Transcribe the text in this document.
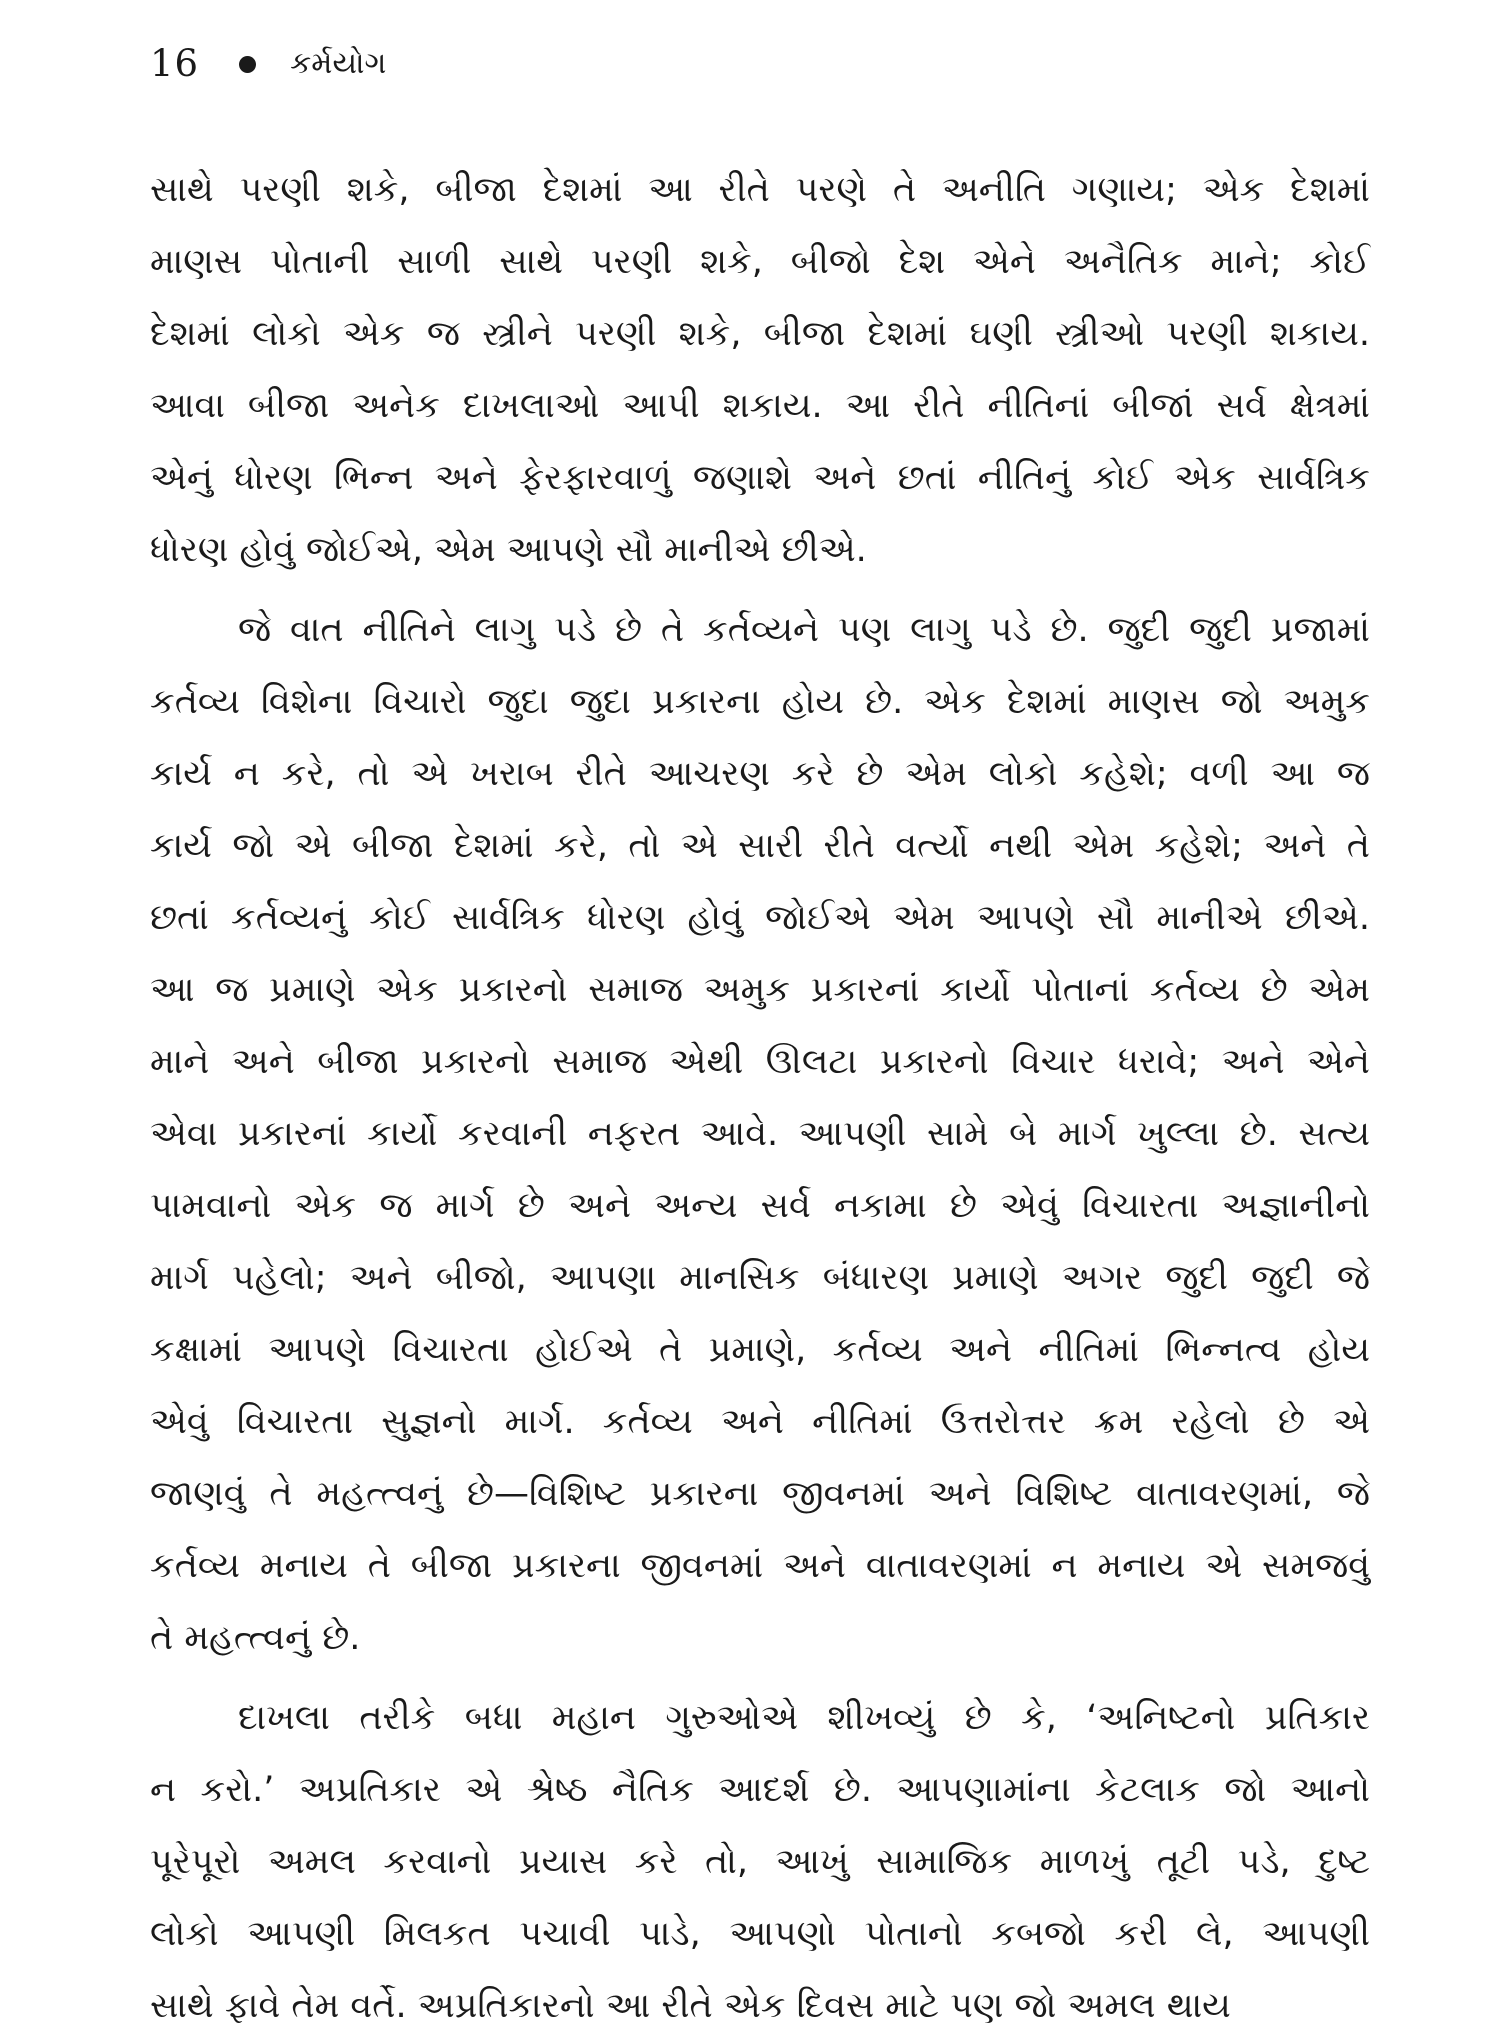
16	કર્મયોગ

સાથે પરણી શકે, બીજા દેશમાં આ રીતે પરણે તે અનીતિ ગણાય; એક દેશમાં
માણસ પોતાની સાળી સાથે પરણી શકે, બીજો દેશ એને અનૈતિક માને; કોઈ
દેશમાં લોકો એક જ સ્ત્રીને પરણી શકે, બીજા દેશમાં ઘણી સ્ત્રીઓ પરણી શકાય.
આવા બીજા અનેક દાખલાઓ આપી શકાય. આ રીતે નીતિનાં બીજાં સર્વ ક્ષેત્રમાં
એનું ધોરણ ભિન્ન અને ફેરફારવાળું જણાશે અને છતાં નીતિનું કોઈ એક સાર્વત્રિક
ધોરણ હોવું જોઈએ, એમ આપણે સૌ માનીએ છીએ.

જે વાત નીતિને લાગુ પડે છે તે કર્તવ્યને પણ લાગુ પડે છે. જુદી જુદી પ્રજામાં
કર્તવ્ય વિશેના વિચારો જુદા જુદા પ્રકારના હોય છે. એક દેશમાં માણસ જો અમુક
કાર્ય ન કરે, તો એ ખરાબ રીતે આચરણ કરે છે એમ લોકો કહેશે; વળી આ જ
કાર્ય જો એ બીજા દેશમાં કરે, તો એ સારી રીતે વર્ત્યો નથી એમ કહેશે; અને તે
છતાં કર્તવ્યનું કોઈ સાર્વત્રિક ધોરણ હોવું જોઈએ એમ આપણે સૌ માનીએ છીએ.
આ જ પ્રમાણે એક પ્રકારનો સમાજ અમુક પ્રકારનાં કાર્યો પોતાનાં કર્તવ્ય છે એમ
માને અને બીજા પ્રકારનો સમાજ એથી ઊલટા પ્રકારનો વિચાર ધરાવે; અને એને
એવા પ્રકારનાં કાર્યો કરવાની નફરત આવે. આપણી સામે બે માર્ગ ખુલ્લા છે. સત્ય
પામવાનો એક જ માર્ગ છે અને અન્ય સર્વ નકામા છે એવું વિચારતા અજ્ઞાનીનો
માર્ગ પહેલો; અને બીજો, આપણા માનસિક બંધારણ પ્રમાણે અગર જુદી જુદી જે
કક્ષામાં આપણે વિચારતા હોઈએ તે પ્રમાણે, કર્તવ્ય અને નીતિમાં ભિન્નત્વ હોય
એવું વિચારતા સુજ્ઞનો માર્ગ. કર્તવ્ય અને નીતિમાં ઉત્તરોત્તર ક્રમ રહેલો છે એ
જાણવું તે મહત્ત્વનું છે—વિશિષ્ટ પ્રકારના જીવનમાં અને વિશિષ્ટ વાતાવરણમાં, જે
કર્તવ્ય મનાય તે બીજા પ્રકારના જીવનમાં અને વાતાવરણમાં ન મનાય એ સમજવું
તે મહત્ત્વનું છે.

દાખલા તરીકે બધા મહાન ગુરુઓએ શીખવ્યું છે કે, ‘અનિષ્ટનો પ્રતિકાર
ન કરો.’ અપ્રતિકાર એ શ્રેષ્ઠ નૈતિક આદર્શ છે. આપણામાંના કેટલાક જો આનો
પૂરેપૂરો અમલ કરવાનો પ્રયાસ કરે તો, આખું સામાજિક માળખું તૂટી પડે, દુષ્ટ
લોકો આપણી મિલકત પચાવી પાડે, આપણો પોતાનો કબજો કરી લે, આપણી
સાથે ફાવે તેમ વર્તે. અપ્રતિકારનો આ રીતે એક દિવસ માટે પણ જો અમલ થાય
